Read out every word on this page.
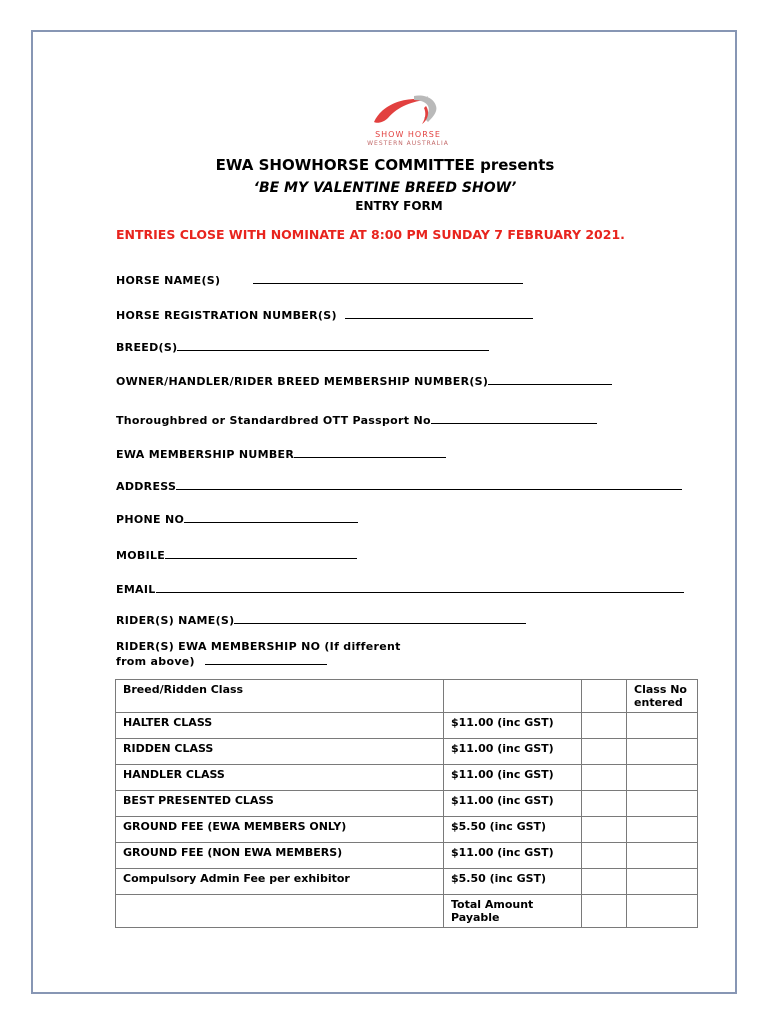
SHOW HORSE
WESTERN AUSTRALIA
EWA SHOWHORSE COMMITTEE presents
‘BE MY VALENTINE BREED SHOW’
ENTRY FORM
ENTRIES CLOSE WITH NOMINATE AT 8:00 PM SUNDAY 7 FEBRUARY 2021.
HORSE NAME(S)
HORSE REGISTRATION NUMBER(S)
BREED(S)
OWNER/HANDLER/RIDER BREED MEMBERSHIP NUMBER(S)
Thoroughbred or Standardbred OTT Passport No
EWA MEMBERSHIP NUMBER
ADDRESS
PHONE NO
MOBILE
EMAIL
RIDER(S) NAME(S)
RIDER(S) EWA MEMBERSHIP NO (If different
from above)
Breed/Ridden Class			Class No entered
HALTER CLASS	$11.00 (inc GST)		
RIDDEN CLASS	$11.00 (inc GST)		
HANDLER CLASS	$11.00 (inc GST)		
BEST PRESENTED CLASS	$11.00 (inc GST)		
GROUND FEE (EWA MEMBERS ONLY)	$5.50 (inc GST)		
GROUND FEE (NON EWA MEMBERS)	$11.00 (inc GST)		
Compulsory Admin Fee per exhibitor	$5.50 (inc GST)		
	Total Amount Payable		
